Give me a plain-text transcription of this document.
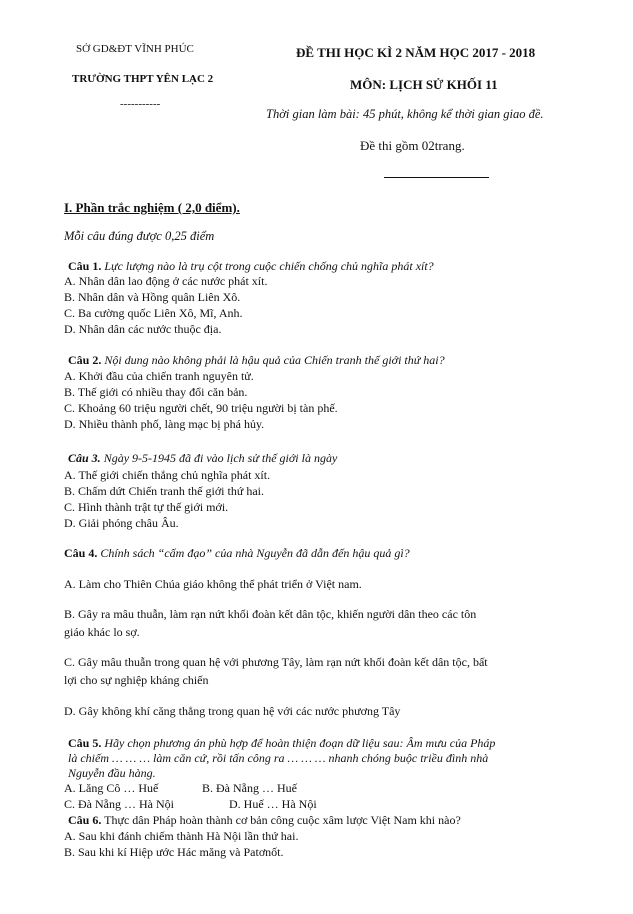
SỞ GD&ĐT VĨNH PHÚC
TRƯỜNG THPT YÊN LẠC 2
-----------
ĐỀ THI HỌC KÌ 2 NĂM HỌC 2017 - 2018
MÔN: LỊCH SỬ KHỐI 11
Thời gian làm bài: 45 phút, không kể thời gian giao đề.
Đề thi gồm 02trang.
I. Phần trắc nghiệm ( 2,0 điểm).
Mỗi câu đúng được 0,25 điểm
Câu 1. Lực lượng nào là trụ cột trong cuộc chiến chống chủ nghĩa phát xít?
A. Nhân dân lao động ở các nước phát xít.
B. Nhân dân và Hồng quân Liên Xô.
C. Ba cường quốc Liên Xô, Mĩ, Anh.
D. Nhân dân các nước thuộc địa.
Câu 2. Nội dung nào không phải là hậu quả của Chiến tranh thế giới thứ hai?
A. Khởi đầu của chiến tranh nguyên tử.
B. Thế giới có nhiều thay đổi căn bản.
C. Khoảng 60 triệu người chết, 90 triệu người bị tàn phế.
D. Nhiều thành phố, làng mạc bị phá hủy.
Câu 3. Ngày 9-5-1945 đã đi vào lịch sử thế giới là ngày
A. Thế giới chiến thắng chủ nghĩa phát xít.
B. Chấm dứt Chiến tranh thế giới thứ hai.
C. Hình thành trật tự thế giới mới.
D. Giải phóng châu Âu.
Câu 4. Chính sách “cấm đạo” của nhà Nguyễn đã dẫn đến hậu quả gì?
A. Làm cho Thiên Chúa giáo không thể phát triển ở Việt nam.
B. Gây ra mâu thuẫn, làm rạn nứt khối đoàn kết dân tộc, khiến người dân theo các tôn
giáo khác lo sợ.
C. Gây mâu thuẫn trong quan hệ với phương Tây, làm rạn nứt khối đoàn kết dân tộc, bất
lợi cho sự nghiệp kháng chiến
D. Gây không khí căng thẳng trong quan hệ với các nước phương Tây
Câu 5. Hãy chọn phương án phù hợp để hoàn thiện đoạn dữ liệu sau: Âm mưu của Pháp
là chiếm … … … làm căn cứ, rồi tấn công ra … … … nhanh chóng buộc triều đình nhà
Nguyễn đầu hàng.
A. Lăng Cô … Huế	B. Đà Nẵng … Huế
C. Đà Nẵng … Hà Nội	D. Huế … Hà Nội
Câu 6. Thực dân Pháp hoàn thành cơ bản công cuộc xâm lược Việt Nam khi nào?
A. Sau khi đánh chiếm thành Hà Nội lần thứ hai.
B. Sau khi kí Hiệp ước Hác măng và Patơnốt.
